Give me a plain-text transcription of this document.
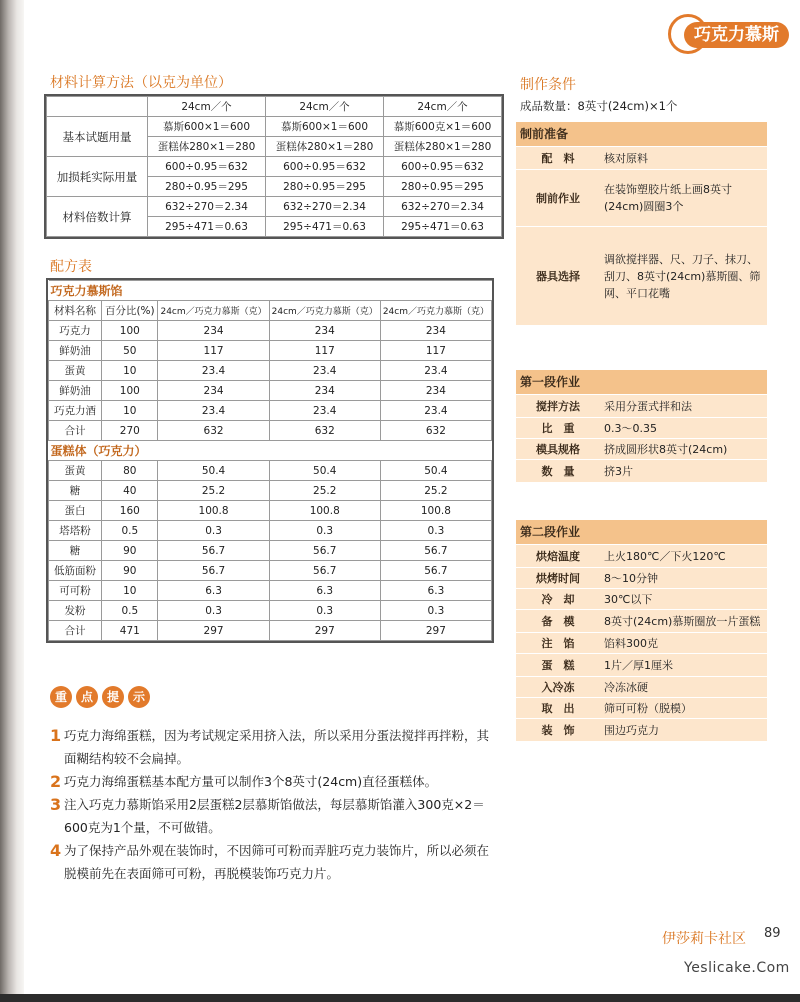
巧克力慕斯
材料计算方法（以克为单位）
	24cm／个	24cm／个	24cm／个
基本试题用量	慕斯600×1＝600	慕斯600×1＝600	慕斯600克×1＝600
	蛋糕体280×1＝280	蛋糕体280×1＝280	蛋糕体280×1＝280
加损耗实际用量	600÷0.95＝632	600÷0.95＝632	600÷0.95＝632
	280÷0.95＝295	280÷0.95＝295	280÷0.95＝295
材料倍数计算	632÷270＝2.34	632÷270＝2.34	632÷270＝2.34
	295÷471＝0.63	295÷471＝0.63	295÷471＝0.63
配方表
巧克力慕斯馅				
材料名称	百分比(%)	24cm／巧克力慕斯（克）	24cm／巧克力慕斯（克）	24cm／巧克力慕斯（克）
巧克力	100	234	234	234
鲜奶油	50	117	117	117
蛋黄	10	23.4	23.4	23.4
鲜奶油	100	234	234	234
巧克力酒	10	23.4	23.4	23.4
合计	270	632	632	632
蛋糕体（巧克力）				
蛋黄	80	50.4	50.4	50.4
糖	40	25.2	25.2	25.2
蛋白	160	100.8	100.8	100.8
塔塔粉	0.5	0.3	0.3	0.3
糖	90	56.7	56.7	56.7
低筋面粉	90	56.7	56.7	56.7
可可粉	10	6.3	6.3	6.3
发粉	0.5	0.3	0.3	0.3
合计	471	297	297	297
制作条件
成品数量：8英寸(24cm)×1个
制前准备
配　料	核对原料
制前作业
在装饰塑胶片纸上画8英寸(24cm)圆圈3个
器具选择
调欲搅拌器、尺、刀子、抹刀、刮刀、8英寸(24cm)慕斯圈、筛网、平口花嘴
第一段作业
搅拌方法	采用分蛋式拌和法
比　重	0.3～0.35
模具规格	挤成圆形状8英寸(24cm)
数　量	挤3片
第二段作业
烘焙温度	上火180℃／下火120℃
烘烤时间	8～10分钟
冷　却	30℃以下
备　模	8英寸(24cm)慕斯圈放一片蛋糕
注　馅	馅料300克
蛋　糕	1片／厚1厘米
入冷冻	冷冻冰硬
取　出	筛可可粉（脱模）
装　饰	围边巧克力
重	点	提	示
1 巧克力海绵蛋糕，因为考试规定采用挤入法，所以采用分蛋法搅拌再拌粉，其面糊结构较不会扁掉。
2 巧克力海绵蛋糕基本配方量可以制作3个8英寸(24cm)直径蛋糕体。
3 注入巧克力慕斯馅采用2层蛋糕2层慕斯馅做法，每层慕斯馅灌入300克×2＝600克为1个量，不可做错。
4 为了保持产品外观在装饰时，不因筛可可粉而弄脏巧克力装饰片，所以必须在脱模前先在表面筛可可粉，再脱模装饰巧克力片。
伊莎莉卡社区 89
Yeslicake.Com
